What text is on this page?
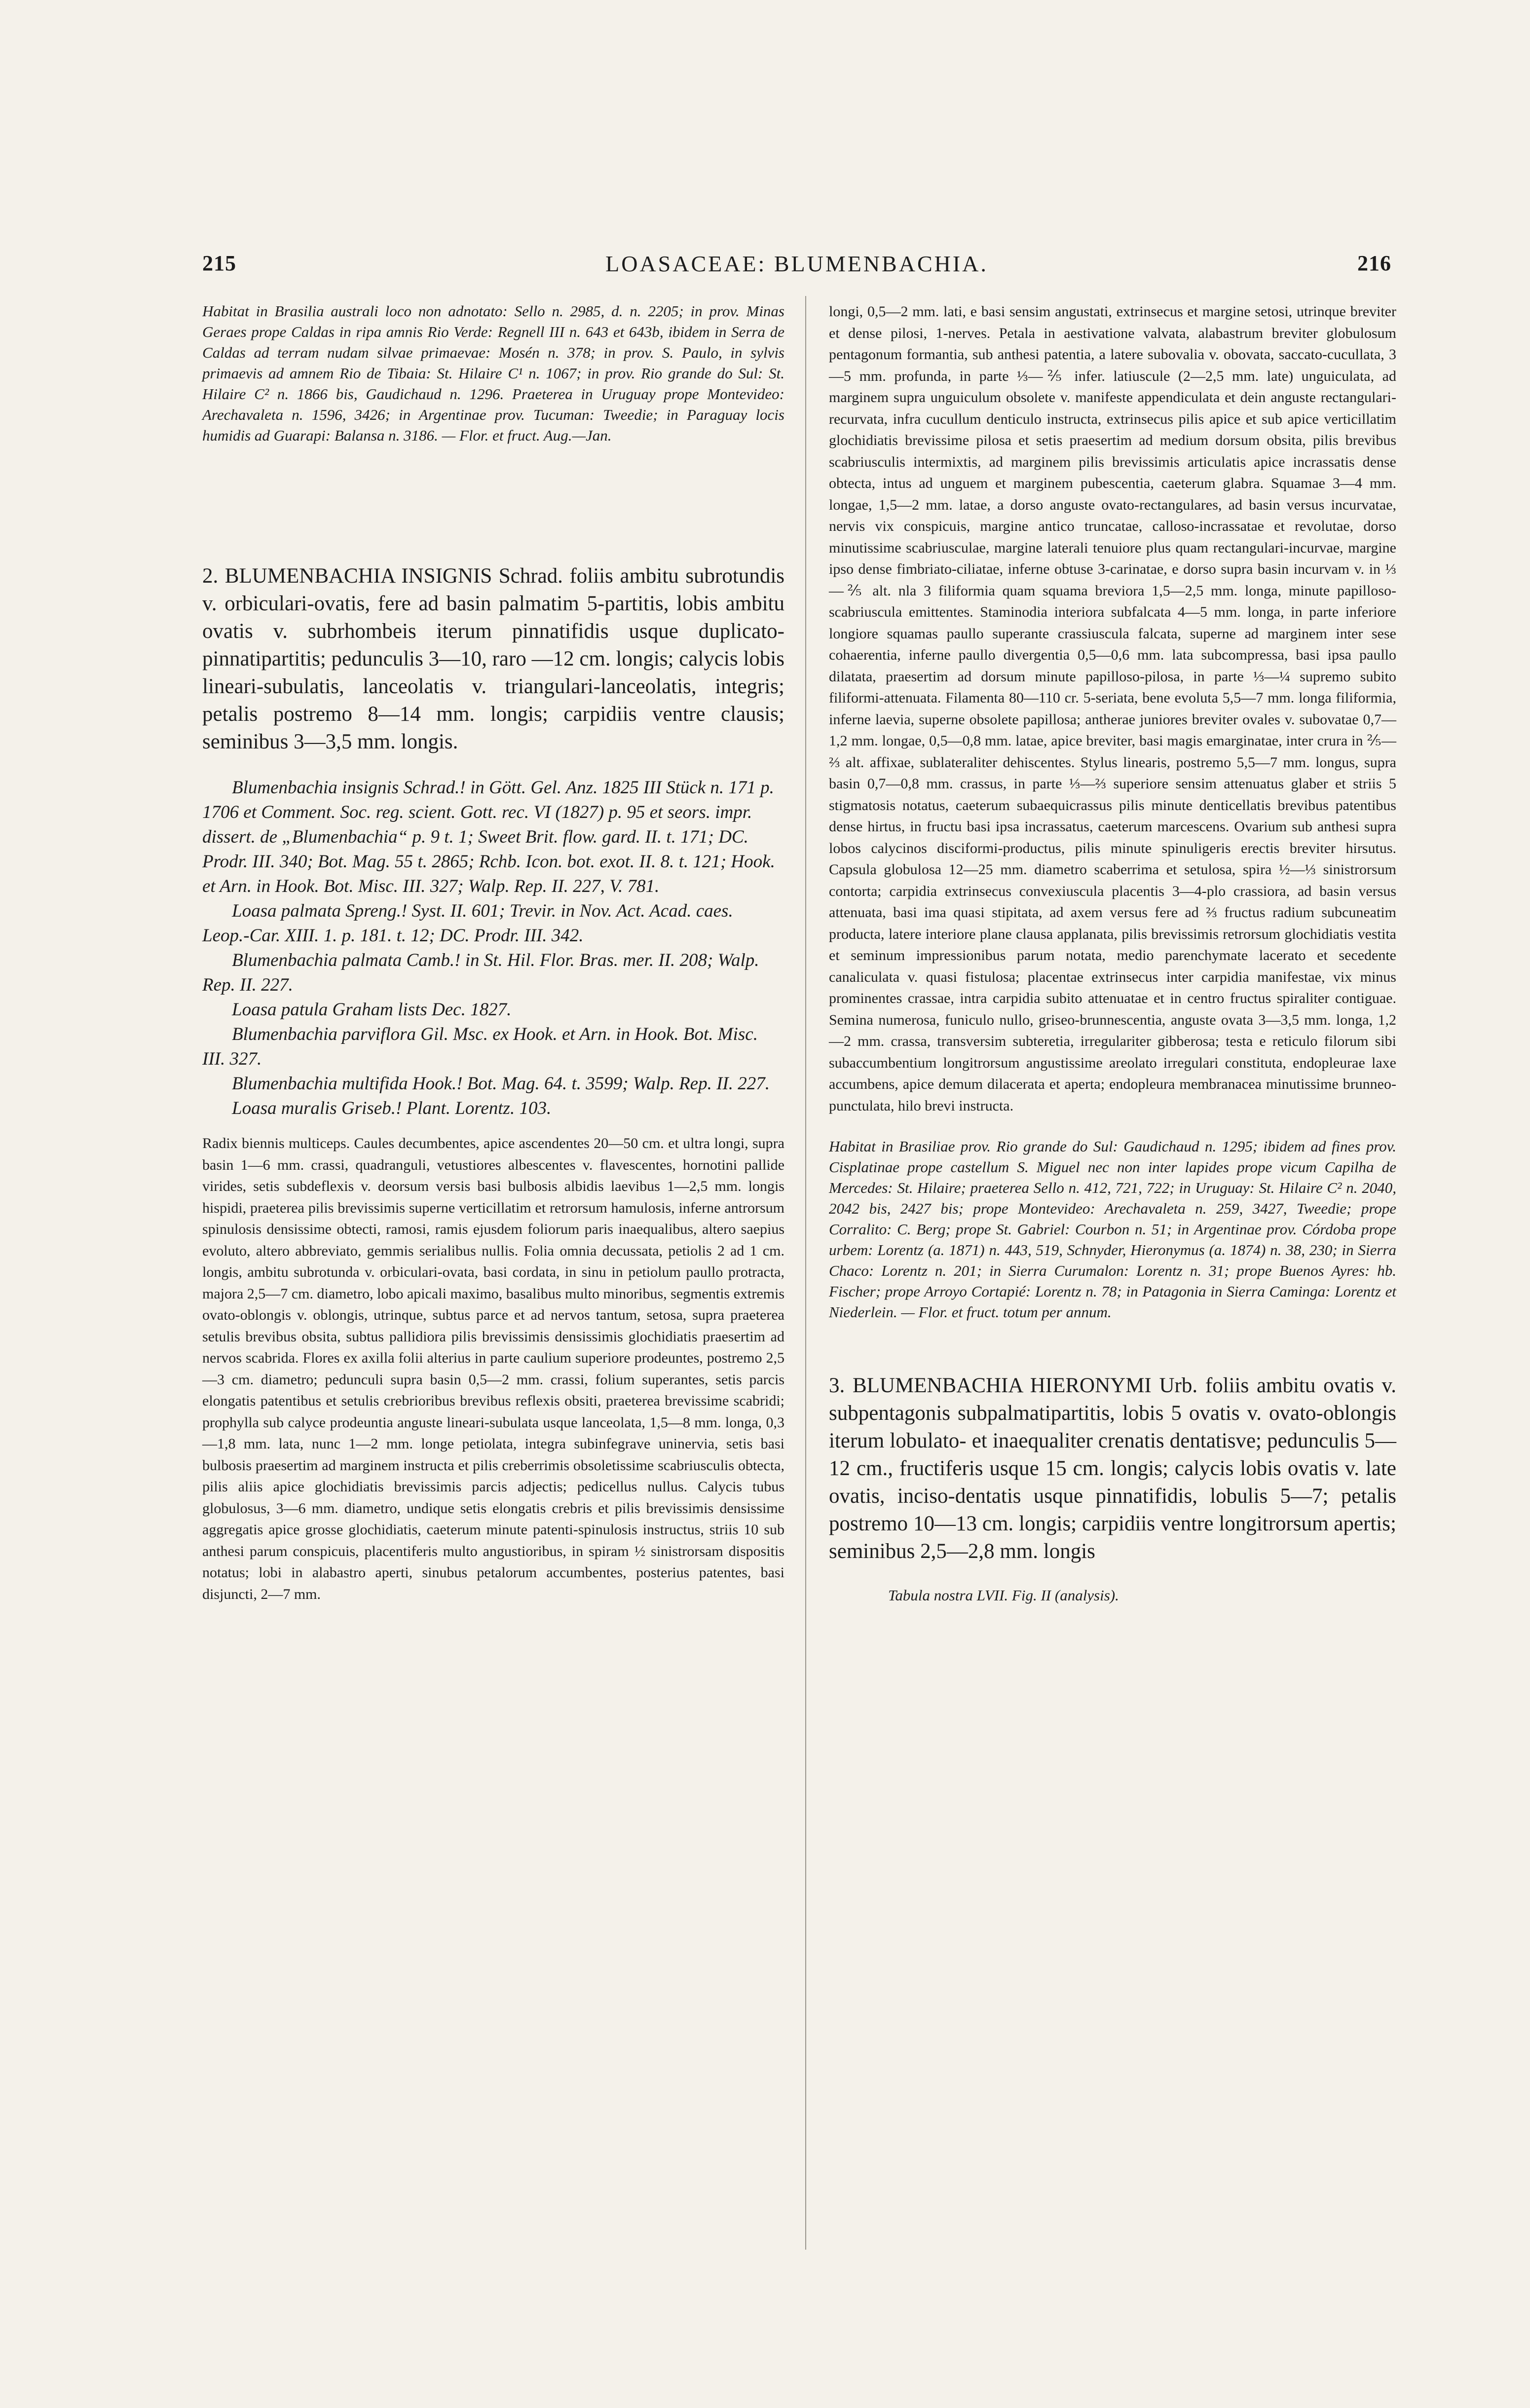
215	LOASACEAE: BLUMENBACHIA.	216

Habitat in Brasilia australi loco non adnotato: Sello n. 2985, d. n. 2205; in prov. Minas Geraes prope Caldas in ripa amnis Rio Verde: Regnell III n. 643 et 643b, ibidem in Serra de Caldas ad terram nudam silvae primaevae: Mosén n. 378; in prov. S. Paulo, in sylvis primaevis ad amnem Rio de Tibaia: St. Hilaire C¹ n. 1067; in prov. Rio grande do Sul: St. Hilaire C² n. 1866 bis, Gaudichaud n. 1296. Praeterea in Uruguay prope Montevideo: Arechavaleta n. 1596, 3426; in Argentinae prov. Tucuman: Tweedie; in Paraguay locis humidis ad Guarapi: Balansa n. 3186. — Flor. et fruct. Aug.—Jan.

2. BLUMENBACHIA INSIGNIS Schrad. foliis ambitu subrotundis v. orbiculari-ovatis, fere ad basin palmatim 5-partitis, lobis ambitu ovatis v. subrhombeis iterum pinnatifidis usque duplicato-pinnatipartitis; pedunculis 3—10, raro —12 cm. longis; calycis lobis lineari-subulatis, lanceolatis v. triangulari-lanceolatis, integris; petalis postremo 8—14 mm. longis; carpidiis ventre clausis; seminibus 3—3,5 mm. longis.

Blumenbachia insignis Schrad.! in Gött. Gel. Anz. 1825 III Stück n. 171 p. 1706 et Comment. Soc. reg. scient. Gott. rec. VI (1827) p. 95 et seors. impr. dissert. de „Blumenbachia“ p. 9 t. 1; Sweet Brit. flow. gard. II. t. 171; DC. Prodr. III. 340; Bot. Mag. 55 t. 2865; Rchb. Icon. bot. exot. II. 8. t. 121; Hook. et Arn. in Hook. Bot. Misc. III. 327; Walp. Rep. II. 227, V. 781.

Loasa palmata Spreng.! Syst. II. 601; Trevir. in Nov. Act. Acad. caes. Leop.-Car. XIII. 1. p. 181. t. 12; DC. Prodr. III. 342.

Blumenbachia palmata Camb.! in St. Hil. Flor. Bras. mer. II. 208; Walp. Rep. II. 227.

Loasa patula Graham lists Dec. 1827.

Blumenbachia parviflora Gil. Msc. ex Hook. et Arn. in Hook. Bot. Misc. III. 327.

Blumenbachia multifida Hook.! Bot. Mag. 64. t. 3599; Walp. Rep. II. 227.

Loasa muralis Griseb.! Plant. Lorentz. 103.

Radix biennis multiceps. Caules decumbentes, apice ascendentes 20—50 cm. et ultra longi, supra basin 1—6 mm. crassi, quadranguli, vetustiores albescentes v. flavescentes, hornotini pallide virides, setis subdeflexis v. deorsum versis basi bulbosis albidis laevibus 1—2,5 mm. longis hispidi, praeterea pilis brevissimis superne verticillatim et retrorsum hamulosis, inferne antrorsum spinulosis densissime obtecti, ramosi, ramis ejusdem foliorum paris inaequalibus, altero saepius evoluto, altero abbreviato, gemmis serialibus nullis. Folia omnia decussata, petiolis 2 ad 1 cm. longis, ambitu subrotunda v. orbiculari-ovata, basi cordata, in sinu in petiolum paullo protracta, majora 2,5—7 cm. diametro, lobo apicali maximo, basalibus multo minoribus, segmentis extremis ovato-oblongis v. oblongis, utrinque, subtus parce et ad nervos tantum, setosa, supra praeterea setulis brevibus obsita, subtus pallidiora pilis brevissimis densissimis glochidiatis praesertim ad nervos scabrida. Flores ex axilla folii alterius in parte caulium superiore prodeuntes, postremo 2,5—3 cm. diametro; pedunculi supra basin 0,5—2 mm. crassi, folium superantes, setis parcis elongatis patentibus et setulis crebrioribus brevibus reflexis obsiti, praeterea brevissime scabridi; prophylla sub calyce prodeuntia anguste lineari-subulata usque lanceolata, 1,5—8 mm. longa, 0,3—1,8 mm. lata, nunc 1—2 mm. longe petiolata, integra subinfegrave uninervia, setis basi bulbosis praesertim ad marginem instructa et pilis creberrimis obsoletissime scabriusculis obtecta, pilis aliis apice glochidiatis brevissimis parcis adjectis; pedicellus nullus. Calycis tubus globulosus, 3—6 mm. diametro, undique setis elongatis crebris et pilis brevissimis densissime aggregatis apice grosse glochidiatis, caeterum minute patenti-spinulosis instructus, striis 10 sub anthesi parum conspicuis, placentiferis multo angustioribus, in spiram ½ sinistrorsam dispositis notatus; lobi in alabastro aperti, sinubus petalorum accumbentes, posterius patentes, basi disjuncti, 2—7 mm.

longi, 0,5—2 mm. lati, e basi sensim angustati, extrinsecus et margine setosi, utrinque breviter et dense pilosi, 1-nerves. Petala in aestivatione valvata, alabastrum breviter globulosum pentagonum formantia, sub anthesi patentia, a latere subovalia v. obovata, saccato-cucullata, 3—5 mm. profunda, in parte ⅓—⅖ infer. latiuscule (2—2,5 mm. late) unguiculata, ad marginem supra unguiculum obsolete v. manifeste appendiculata et dein anguste rectangulari-recurvata, infra cucullum denticulo instructa, extrinsecus pilis apice et sub apice verticillatim glochidiatis brevissime pilosa et setis praesertim ad medium dorsum obsita, pilis brevibus scabriusculis intermixtis, ad marginem pilis brevissimis articulatis apice incrassatis dense obtecta, intus ad unguem et marginem pubescentia, caeterum glabra. Squamae 3—4 mm. longae, 1,5—2 mm. latae, a dorso anguste ovato-rectangulares, ad basin versus incurvatae, nervis vix conspicuis, margine antico truncatae, calloso-incrassatae et revolutae, dorso minutissime scabriusculae, margine laterali tenuiore plus quam rectangulari-incurvae, margine ipso dense fimbriato-ciliatae, inferne obtuse 3-carinatae, e dorso supra basin incurvam v. in ⅓—⅖ alt. nla 3 filiformia quam squama breviora 1,5—2,5 mm. longa, minute papilloso-scabriuscula emittentes. Staminodia interiora subfalcata 4—5 mm. longa, in parte inferiore longiore squamas paullo superante crassiuscula falcata, superne ad marginem inter sese cohaerentia, inferne paullo divergentia 0,5—0,6 mm. lata subcompressa, basi ipsa paullo dilatata, praesertim ad dorsum minute papilloso-pilosa, in parte ⅓—¼ supremo subito filiformi-attenuata. Filamenta 80—110 cr. 5-seriata, bene evoluta 5,5—7 mm. longa filiformia, inferne laevia, superne obsolete papillosa; antherae juniores breviter ovales v. subovatae 0,7—1,2 mm. longae, 0,5—0,8 mm. latae, apice breviter, basi magis emarginatae, inter crura in ⅖—⅔ alt. affixae, sublateraliter dehiscentes. Stylus linearis, postremo 5,5—7 mm. longus, supra basin 0,7—0,8 mm. crassus, in parte ⅓—⅔ superiore sensim attenuatus glaber et striis 5 stigmatosis notatus, caeterum subaequicrassus pilis minute denticellatis brevibus patentibus dense hirtus, in fructu basi ipsa incrassatus, caeterum marcescens. Ovarium sub anthesi supra lobos calycinos disciformi-productus, pilis minute spinuligeris erectis breviter hirsutus. Capsula globulosa 12—25 mm. diametro scaberrima et setulosa, spira ½—⅓ sinistrorsum contorta; carpidia extrinsecus convexiuscula placentis 3—4-plo crassiora, ad basin versus attenuata, basi ima quasi stipitata, ad axem versus fere ad ⅔ fructus radium subcuneatim producta, latere interiore plane clausa applanata, pilis brevissimis retrorsum glochidiatis vestita et seminum impressionibus parum notata, medio parenchymate lacerato et secedente canaliculata v. quasi fistulosa; placentae extrinsecus inter carpidia manifestae, vix minus prominentes crassae, intra carpidia subito attenuatae et in centro fructus spiraliter contiguae. Semina numerosa, funiculo nullo, griseo-brunnescentia, anguste ovata 3—3,5 mm. longa, 1,2—2 mm. crassa, transversim subteretia, irregulariter gibberosa; testa e reticulo filorum sibi subaccumbentium longitrorsum angustissime areolato irregulari constituta, endopleurae laxe accumbens, apice demum dilacerata et aperta; endopleura membranacea minutissime brunneo-punctulata, hilo brevi instructa.

Habitat in Brasiliae prov. Rio grande do Sul: Gaudichaud n. 1295; ibidem ad fines prov. Cisplatinae prope castellum S. Miguel nec non inter lapides prope vicum Capilha de Mercedes: St. Hilaire; praeterea Sello n. 412, 721, 722; in Uruguay: St. Hilaire C² n. 2040, 2042 bis, 2427 bis; prope Montevideo: Arechavaleta n. 259, 3427, Tweedie; prope Corralito: C. Berg; prope St. Gabriel: Courbon n. 51; in Argentinae prov. Córdoba prope urbem: Lorentz (a. 1871) n. 443, 519, Schnyder, Hieronymus (a. 1874) n. 38, 230; in Sierra Chaco: Lorentz n. 201; in Sierra Curumalon: Lorentz n. 31; prope Buenos Ayres: hb. Fischer; prope Arroyo Cortapié: Lorentz n. 78; in Patagonia in Sierra Caminga: Lorentz et Niederlein. — Flor. et fruct. totum per annum.

3. BLUMENBACHIA HIERONYMI Urb. foliis ambitu ovatis v. subpentagonis subpalmatipartitis, lobis 5 ovatis v. ovato-oblongis iterum lobulato- et inaequaliter crenatis dentatisve; pedunculis 5—12 cm., fructiferis usque 15 cm. longis; calycis lobis ovatis v. late ovatis, inciso-dentatis usque pinnatifidis, lobulis 5—7; petalis postremo 10—13 cm. longis; carpidiis ventre longitrorsum apertis; seminibus 2,5—2,8 mm. longis

Tabula nostra LVII. Fig. II (analysis).
